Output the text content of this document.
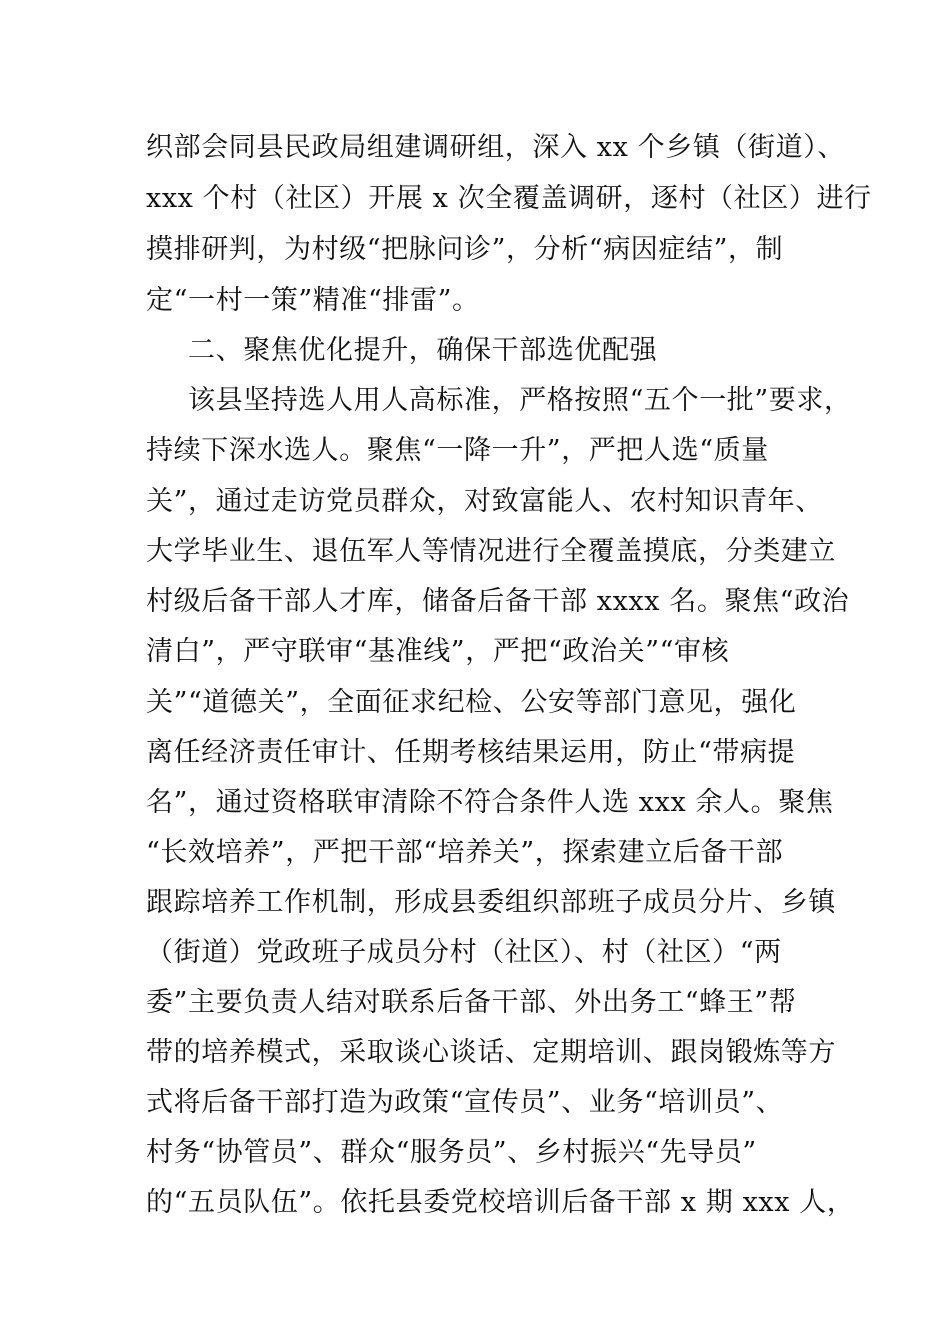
织部会同县民政局组建调研组，深入 xx 个乡镇（街道）、
xxx 个村（社区）开展 x 次全覆盖调研，逐村（社区）进行
摸排研判，为村级“把脉问诊”，分析“病因症结”，制
定“一村一策”精准“排雷”。
二、聚焦优化提升，确保干部选优配强
该县坚持选人用人高标准，严格按照“五个一批”要求，
持续下深水选人。聚焦“一降一升”，严把人选“质量
关”，通过走访党员群众，对致富能人、农村知识青年、
大学毕业生、退伍军人等情况进行全覆盖摸底，分类建立
村级后备干部人才库，储备后备干部 xxxx 名。聚焦“政治
清白”，严守联审“基准线”，严把“政治关”“审核
关”“道德关”，全面征求纪检、公安等部门意见，强化
离任经济责任审计、任期考核结果运用，防止“带病提
名”，通过资格联审清除不符合条件人选 xxx 余人。聚焦
“长效培养”，严把干部“培养关”，探索建立后备干部
跟踪培养工作机制，形成县委组织部班子成员分片、乡镇
（街道）党政班子成员分村（社区）、村（社区）“两
委”主要负责人结对联系后备干部、外出务工“蜂王”帮
带的培养模式，采取谈心谈话、定期培训、跟岗锻炼等方
式将后备干部打造为政策“宣传员”、业务“培训员”、
村务“协管员”、群众“服务员”、乡村振兴“先导员”
的“五员队伍”。依托县委党校培训后备干部 x 期 xxx 人，
